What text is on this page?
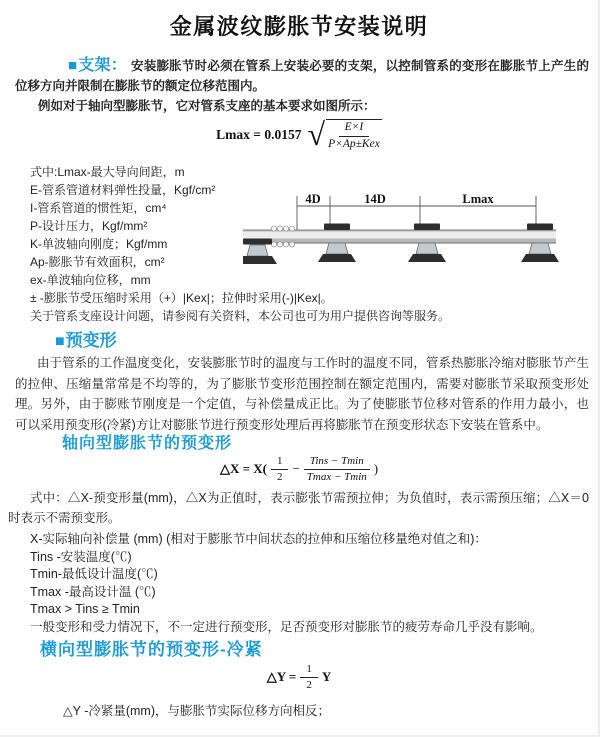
金属波纹膨胀节安装说明

■支架： 安装膨胀节时必须在管系上安装必要的支架，以控制管系的变形在膨胀节上产生的位移方向并限制在膨胀节的额定位移范围内。

例如对于轴向型膨胀节，它对管系支座的基本要求如图所示：

Lmax = 0.0157 √ $\frac{E\times I}{\text{P×Ap±Kex}}$
式中:Lmax-最大导向间距，m
E-管系管道材料弹性投量，Kgf/cm²
I-管系管道的惯性矩，cm⁴
P-设计压力，Kgf/mm²
K-单波轴向刚度；Kgf/mm
Ap-膨胀节有效面积，cm²
ex-单波轴向位移，mm
± -膨胀节受压缩时采用（+）|Kex|；拉伸时采用(-)|Kex|。
关于管系支座设计问题，请参阅有关资料，本公司也可为用户提供咨询等服务。
4D	14D	Lmax
■预变形

由于管系的工作温度变化，安装膨胀节时的温度与工作时的温度不同，管系热膨胀冷缩对膨胀节产生的拉伸、压缩量常常是不均等的，为了膨胀节变形范围控制在额定范围内，需要对膨胀节采取预变形处理。另外，由于膨账节刚度是一个定值，与补偿量成正比。为了使膨胀节位移对管系的作用力最小，也可以采用预变形(冷紧)方让对膨胀节进行预变形处理后再将膨胀节在预变形状态下安装在管系中。

轴向型膨胀节的预变形
△X = $X( \frac{1}{2} - \frac{\text{Tins − Tmin}}{Tmax - Tmin}$ )

式中：△X-预变形量(mm)，△X为正值时，表示膨张节需预拉伸；为负值时，表示需预压缩；△X＝0时表示不需预变形。

X-实际轴向补偿量 (mm) (相对于膨胀节中间状态的拉伸和压缩位移量绝对值之和)：
Tins -安装温度(℃)
Tmin-最低设计温度(℃)
Tmax -最高设计温 (℃)
Tmax > Tins ≥ Tmin
一般变形和受力情况下，不一定进行预变形，足否预变形对膨胀节的疲劳寿命几乎没有影响。
横向型膨胀节的预变形-冷紧
△Y = $\frac{1}{2}$ Y

△Y -冷紧量(mm)，与膨胀节实际位移方向相反；
